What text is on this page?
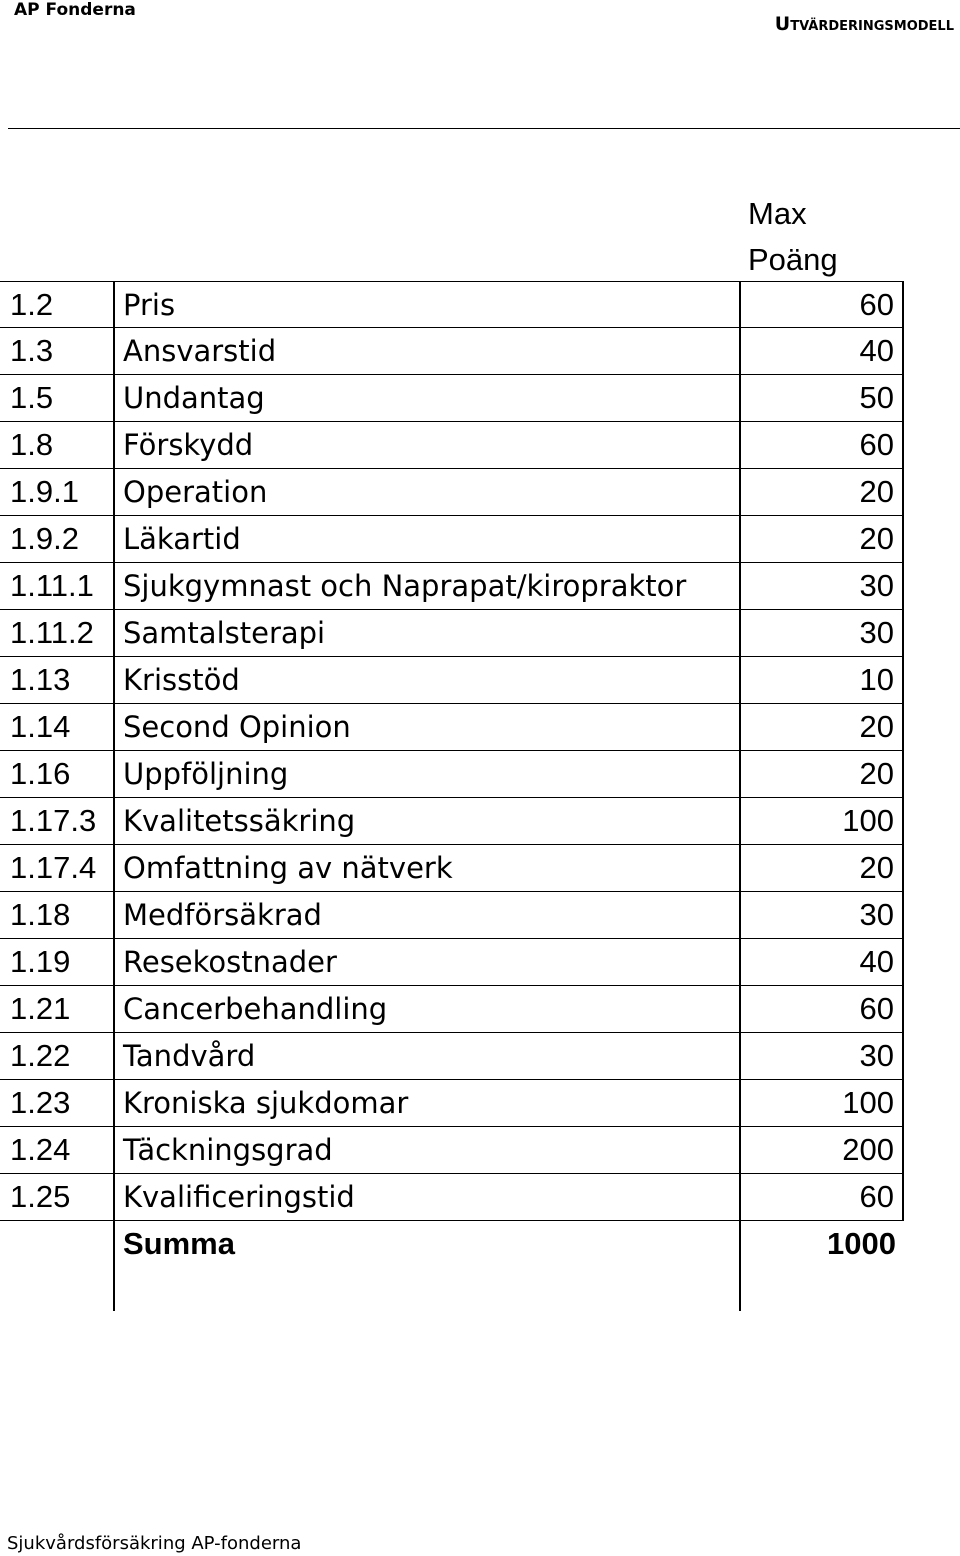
AP Fonderna
Utvärderingsmodell
Max
Poäng
1.2	Pris	60
1.3	Ansvarstid	40
1.5	Undantag	50
1.8	Förskydd	60
1.9.1	Operation	20
1.9.2	Läkartid	20
1.11.1	Sjukgymnast och Naprapat/kiropraktor	30
1.11.2	Samtalsterapi	30
1.13	Krisstöd	10
1.14	Second Opinion	20
1.16	Uppföljning	20
1.17.3 Kvalitetssäkring	100
1.17.4 Omfattning av nätverk	20
1.18	Medförsäkrad	30
1.19	Resekostnader	40
1.21	Cancerbehandling	60
1.22	Tandvård	30
1.23	Kroniska sjukdomar	100
1.24	Täckningsgrad	200
1.25	Kvalificeringstid	60
Summa	1000
Sjukvårdsförsäkring AP-fonderna
